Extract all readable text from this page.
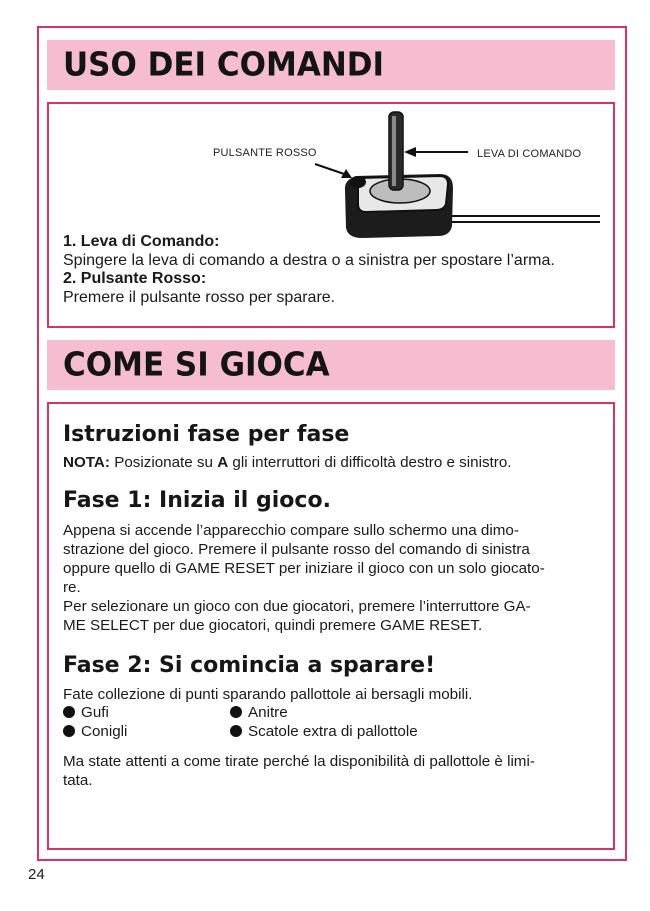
USO DEI COMANDI
PULSANTE ROSSO	LEVA DI COMANDO
1. Leva di Comando:
Spingere la leva di comando a destra o a sinistra per spostare l’arma.
2. Pulsante Rosso:
Premere il pulsante rosso per sparare.
COME SI GIOCA
Istruzioni fase per fase
NOTA: Posizionate su A gli interruttori di difficoltà destro e sinistro.
Fase 1: Inizia il gioco.
Appena si accende l’apparecchio compare sullo schermo una dimo-
strazione del gioco. Premere il pulsante rosso del comando di sinistra
oppure quello di GAME RESET per iniziare il gioco con un solo giocato-
re.
Per selezionare un gioco con due giocatori, premere l’interruttore GA-
ME SELECT per due giocatori, quindi premere GAME RESET.
Fase 2: Si comincia a sparare!
Fate collezione di punti sparando pallottole ai bersagli mobili.
Gufi	Anitre
Conigli	Scatole extra di pallottole
Ma state attenti a come tirate perché la disponibilità di pallottole è limi-
tata.
24
